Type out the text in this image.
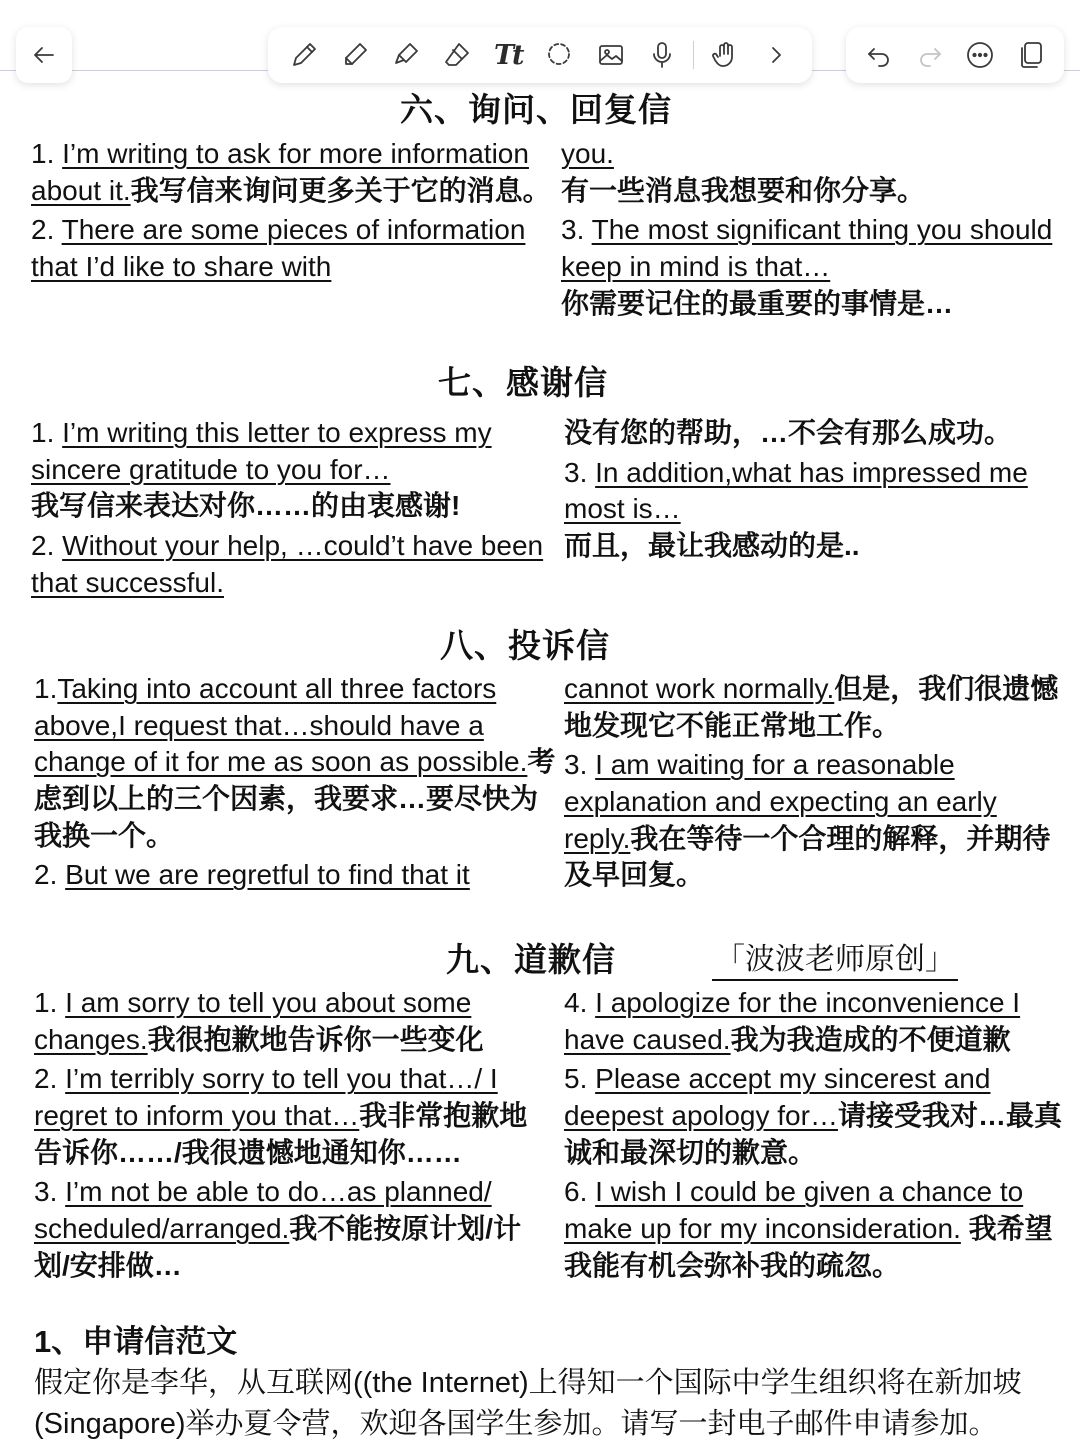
Tt
六、询问、回复信

1. I’m writing to ask for more information about it.我写信来询问更多关于它的消息。

2. There are some pieces of information that I’d like to share with

you.
有一些消息我想要和你分享。

3. The most significant thing you should keep in mind is that…
你需要记住的最重要的事情是…

七、感谢信

1. I’m writing this letter to express my sincere gratitude to you for…
我写信来表达对你……的由衷感谢!

2. Without your help, …could’t have been that successful.

没有您的帮助，…不会有那么成功。

3. In addition,what has impressed me most is…
而且，最让我感动的是..

八、投诉信

1.Taking into account all three factors above,I request that…should have a change of it for me as soon as possible.考虑到以上的三个因素，我要求…要尽快为我换一个。

2. But we are regretful to find that it

cannot work normally.但是，我们很遗憾地发现它不能正常地工作。

3. I am waiting for a reasonable explanation and expecting an early reply.我在等待一个合理的解释，并期待及早回复。

九、道歉信	「波波老师原创」

1. I am sorry to tell you about some changes.我很抱歉地告诉你一些变化

2. I’m terribly sorry to tell you that…/ I regret to inform you that…我非常抱歉地告诉你……/我很遗憾地通知你……

3. I’m not be able to do…as planned/ scheduled/arranged.我不能按原计划/计划/安排做…

4. I apologize for the inconvenience I have caused.我为我造成的不便道歉

5. Please accept my sincerest and deepest apology for…请接受我对…最真诚和最深切的歉意。

6. I wish I could be given a chance to make up for my inconsideration. 我希望我能有机会弥补我的疏忽。

1、申请信范文
假定你是李华，从互联网((the Internet)上得知一个国际中学生组织将在新加坡(Singapore)举办夏令营，欢迎各国学生参加。请写一封电子邮件申请参加。
